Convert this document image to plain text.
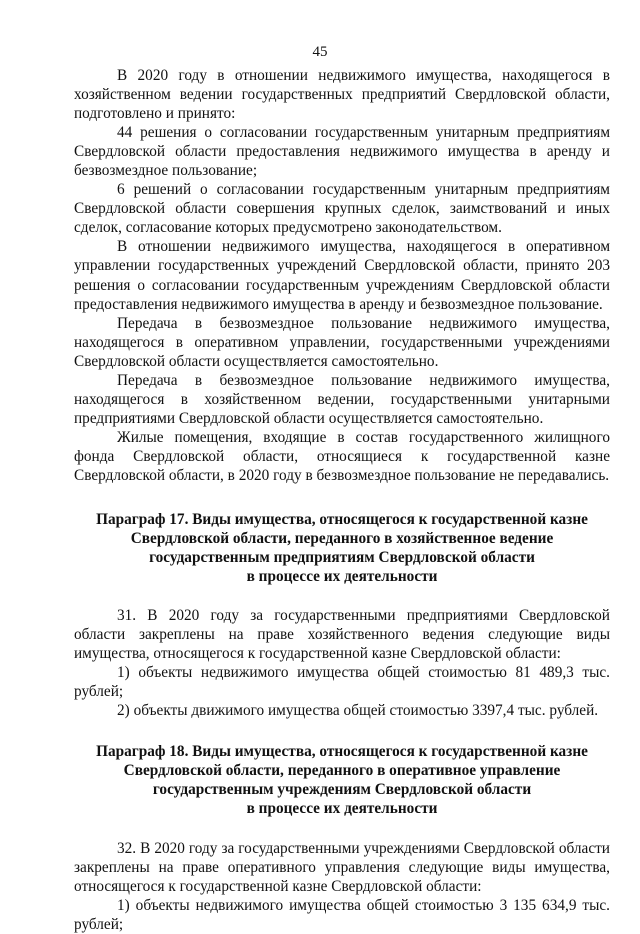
45

В 2020 году в отношении недвижимого имущества, находящегося в хозяйственном ведении государственных предприятий Свердловской области, подготовлено и принято:

44 решения о согласовании государственным унитарным предприятиям Свердловской области предоставления недвижимого имущества в аренду и безвозмездное пользование;

6 решений о согласовании государственным унитарным предприятиям Свердловской области совершения крупных сделок, заимствований и иных сделок, согласование которых предусмотрено законодательством.

В отношении недвижимого имущества, находящегося в оперативном управлении государственных учреждений Свердловской области, принято 203 решения о согласовании государственным учреждениям Свердловской области предоставления недвижимого имущества в аренду и безвозмездное пользование.

Передача в безвозмездное пользование недвижимого имущества, находящегося в оперативном управлении, государственными учреждениями Свердловской области осуществляется самостоятельно.

Передача в безвозмездное пользование недвижимого имущества, находящегося в хозяйственном ведении, государственными унитарными предприятиями Свердловской области осуществляется самостоятельно.

Жилые помещения, входящие в состав государственного жилищного фонда Свердловской области, относящиеся к государственной казне Свердловской области, в 2020 году в безвозмездное пользование не передавались.

Параграф 17. Виды имущества, относящегося к государственной казне
Свердловской области, переданного в хозяйственное ведение
государственным предприятиям Свердловской области
в процессе их деятельности

31. В 2020 году за государственными предприятиями Свердловской области закреплены на праве хозяйственного ведения следующие виды имущества, относящегося к государственной казне Свердловской области:

1) объекты недвижимого имущества общей стоимостью 81 489,3 тыс. рублей;

2) объекты движимого имущества общей стоимостью 3397,4 тыс. рублей.

Параграф 18. Виды имущества, относящегося к государственной казне
Свердловской области, переданного в оперативное управление
государственным учреждениям Свердловской области
в процессе их деятельности

32. В 2020 году за государственными учреждениями Свердловской области закреплены на праве оперативного управления следующие виды имущества, относящегося к государственной казне Свердловской области:

1) объекты недвижимого имущества общей стоимостью 3 135 634,9 тыс. рублей;
